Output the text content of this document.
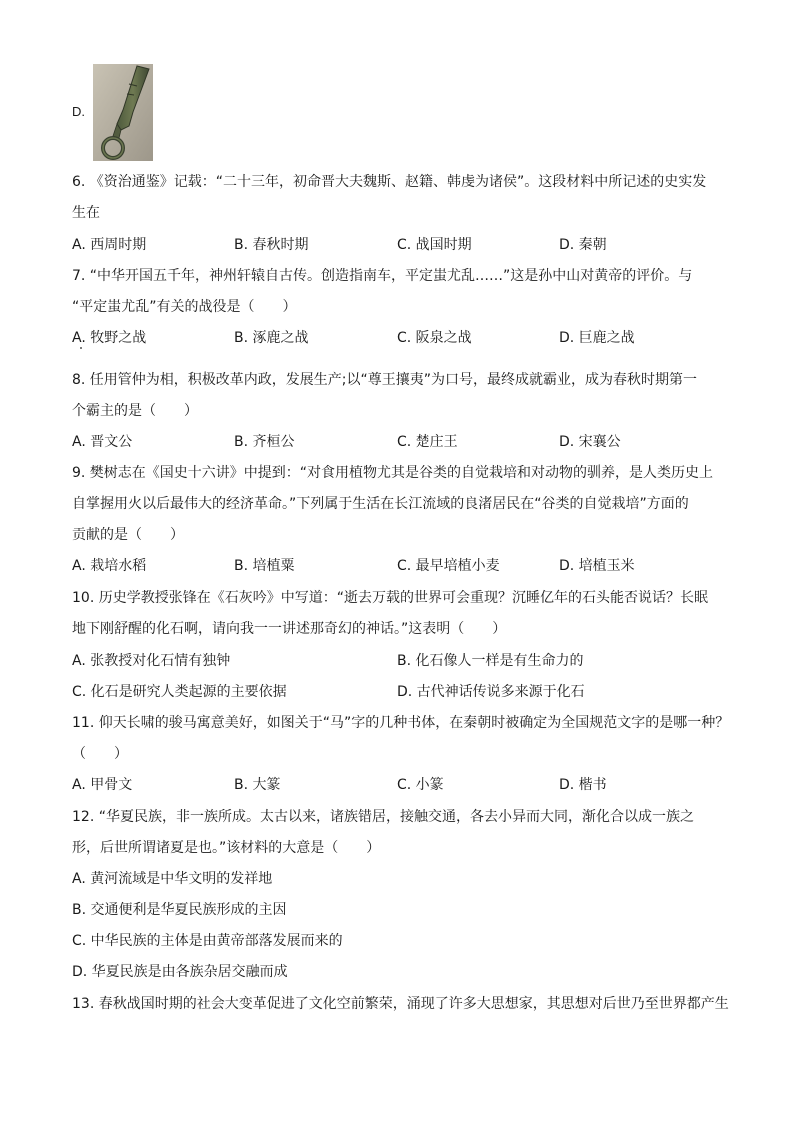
D.
6. 《资治通鉴》记载：“二十三年，初命晋大夫魏斯、赵籍、韩虔为诸侯”。这段材料中所记述的史实发
生在
A. 西周时期	B. 春秋时期	C. 战国时期	D. 秦朝
7. “中华开国五千年，神州轩辕自古传。创造指南车，平定蚩尤乱……”这是孙中山对黄帝的评价。与
“平定蚩尤乱”有关的战役是（　　）
A. 牧野之战	B. 涿鹿之战	C. 阪泉之战	D. 巨鹿之战
8. 任用管仲为相，积极改革内政，发展生产;以“尊王攘夷”为口号，最终成就霸业，成为春秋时期第一
个霸主的是（　　）
A. 晋文公	B. 齐桓公	C. 楚庄王	D. 宋襄公
9. 樊树志在《国史十六讲》中提到：“对食用植物尤其是谷类的自觉栽培和对动物的驯养，是人类历史上
自掌握用火以后最伟大的经济革命。”下列属于生活在长江流域的良渚居民在“谷类的自觉栽培”方面的
贡献的是（　　）
A. 栽培水稻	B. 培植粟	C. 最早培植小麦	D. 培植玉米
10. 历史学教授张锋在《石灰吟》中写道：“逝去万载的世界可会重现？沉睡亿年的石头能否说话？长眠
地下刚舒醒的化石啊，请向我一一讲述那奇幻的神话。”这表明（　　）
A. 张教授对化石情有独钟	B. 化石像人一样是有生命力的
C. 化石是研究人类起源的主要依据	D. 古代神话传说多来源于化石
11. 仰天长啸的骏马寓意美好，如图关于“马”字的几种书体，在秦朝时被确定为全国规范文字的是哪一种？
（　　）
A. 甲骨文	B. 大篆	C. 小篆	D. 楷书
12. “华夏民族，非一族所成。太古以来，诸族错居，接触交通，各去小异而大同，渐化合以成一族之
形，后世所谓诸夏是也。”该材料的大意是（　　）
A. 黄河流域是中华文明的发祥地
B. 交通便利是华夏民族形成的主因
C. 中华民族的主体是由黄帝部落发展而来的
D. 华夏民族是由各族杂居交融而成
13. 春秋战国时期的社会大变革促进了文化空前繁荣，涌现了许多大思想家，其思想对后世乃至世界都产生
